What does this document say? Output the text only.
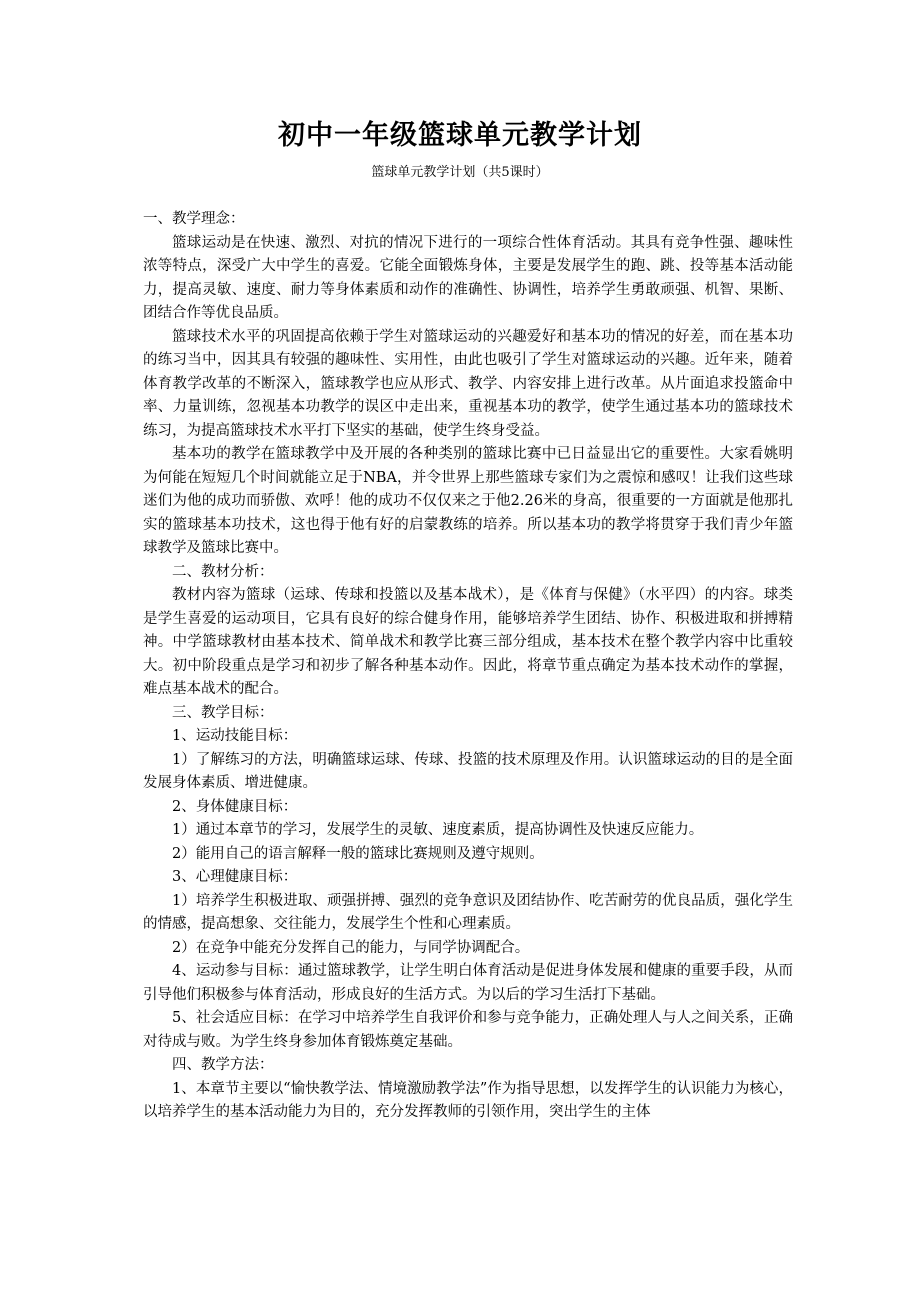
初中一年级篮球单元教学计划
篮球单元教学计划（共5课时）

一、教学理念：

篮球运动是在快速、激烈、对抗的情况下进行的一项综合性体育活动。其具有竞争性强、趣味性浓等特点，深受广大中学生的喜爱。它能全面锻炼身体，主要是发展学生的跑、跳、投等基本活动能力，提高灵敏、速度、耐力等身体素质和动作的准确性、协调性，培养学生勇敢顽强、机智、果断、团结合作等优良品质。

篮球技术水平的巩固提高依赖于学生对篮球运动的兴趣爱好和基本功的情况的好差，而在基本功的练习当中，因其具有较强的趣味性、实用性，由此也吸引了学生对篮球运动的兴趣。近年来，随着体育教学改革的不断深入，篮球教学也应从形式、教学、内容安排上进行改革。从片面追求投篮命中率、力量训练，忽视基本功教学的误区中走出来，重视基本功的教学，使学生通过基本功的篮球技术练习，为提高篮球技术水平打下坚实的基础，使学生终身受益。

基本功的教学在篮球教学中及开展的各种类别的篮球比赛中已日益显出它的重要性。大家看姚明为何能在短短几个时间就能立足于NBA，并令世界上那些篮球专家们为之震惊和感叹！让我们这些球迷们为他的成功而骄傲、欢呼！他的成功不仅仅来之于他2.26米的身高，很重要的一方面就是他那扎实的篮球基本功技术，这也得于他有好的启蒙教练的培养。所以基本功的教学将贯穿于我们青少年篮球教学及篮球比赛中。

二、教材分析：

教材内容为篮球（运球、传球和投篮以及基本战术），是《体育与保健》（水平四）的内容。球类是学生喜爱的运动项目，它具有良好的综合健身作用，能够培养学生团结、协作、积极进取和拼搏精神。中学篮球教材由基本技术、简单战术和教学比赛三部分组成，基本技术在整个教学内容中比重较大。初中阶段重点是学习和初步了解各种基本动作。因此，将章节重点确定为基本技术动作的掌握，难点基本战术的配合。

三、教学目标：

1、运动技能目标：

1）了解练习的方法，明确篮球运球、传球、投篮的技术原理及作用。认识篮球运动的目的是全面发展身体素质、增进健康。

2、身体健康目标：

1）通过本章节的学习，发展学生的灵敏、速度素质，提高协调性及快速反应能力。

2）能用自己的语言解释一般的篮球比赛规则及遵守规则。

3、心理健康目标：

1）培养学生积极进取、顽强拼搏、强烈的竞争意识及团结协作、吃苦耐劳的优良品质，强化学生的情感，提高想象、交往能力，发展学生个性和心理素质。

2）在竞争中能充分发挥自己的能力，与同学协调配合。

4、运动参与目标：通过篮球教学，让学生明白体育活动是促进身体发展和健康的重要手段，从而引导他们积极参与体育活动，形成良好的生活方式。为以后的学习生活打下基础。

5、社会适应目标：在学习中培养学生自我评价和参与竞争能力，正确处理人与人之间关系，正确对待成与败。为学生终身参加体育锻炼奠定基础。

四、教学方法：

1、本章节主要以“愉快教学法、情境激励教学法”作为指导思想，以发挥学生的认识能力为核心，以培养学生的基本活动能力为目的，充分发挥教师的引领作用，突出学生的主体
